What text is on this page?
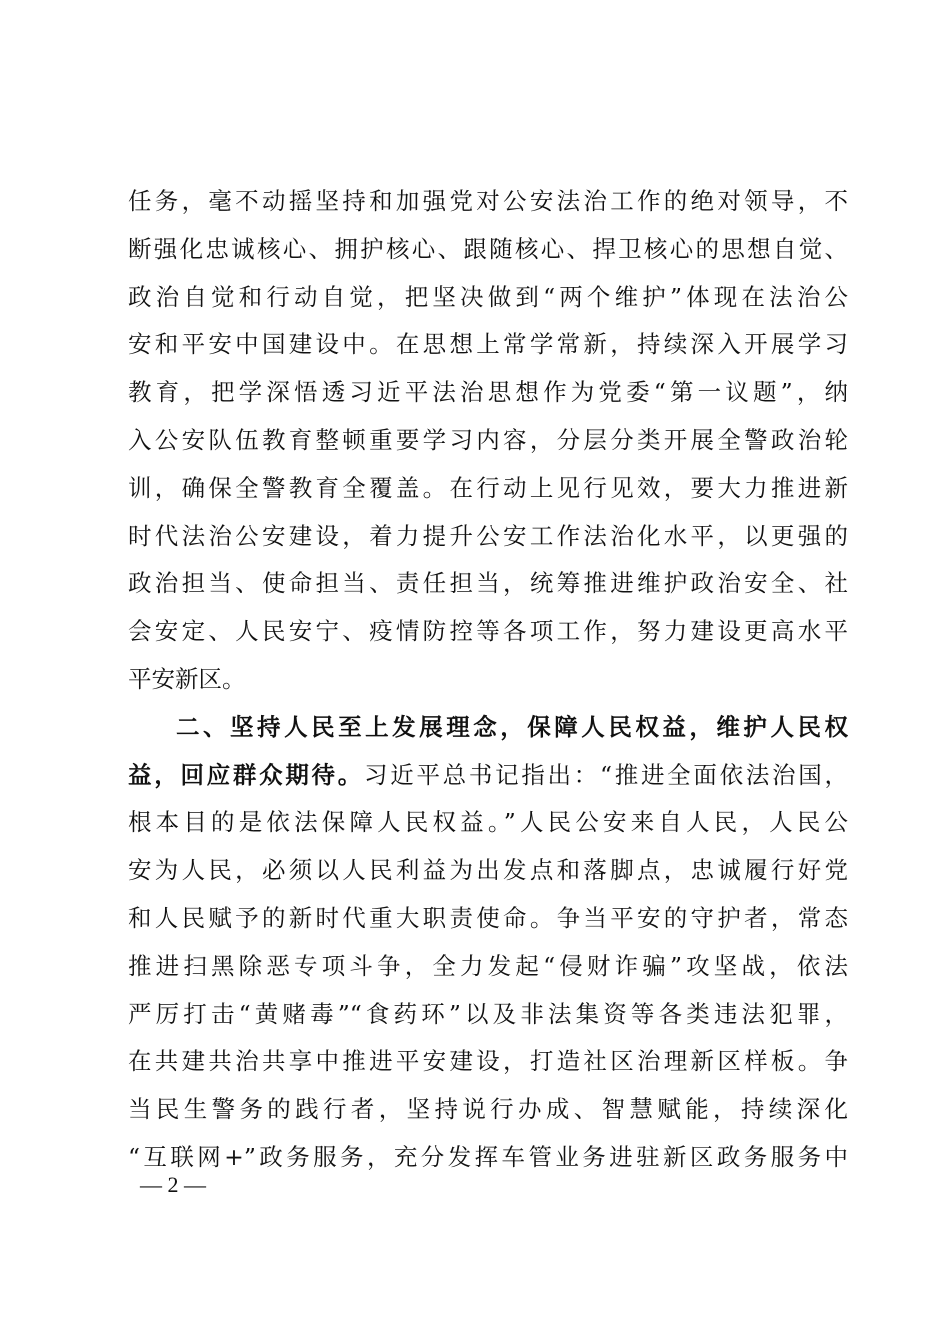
任务，毫不动摇坚持和加强党对公安法治工作的绝对领导，不
断强化忠诚核心、拥护核心、跟随核心、捍卫核心的思想自觉、
政治自觉和行动自觉，把坚决做到“两个维护”体现在法治公
安和平安中国建设中。在思想上常学常新，持续深入开展学习
教育，把学深悟透习近平法治思想作为党委“第一议题”，纳
入公安队伍教育整顿重要学习内容，分层分类开展全警政治轮
训，确保全警教育全覆盖。在行动上见行见效，要大力推进新
时代法治公安建设，着力提升公安工作法治化水平，以更强的
政治担当、使命担当、责任担当，统筹推进维护政治安全、社
会安定、人民安宁、疫情防控等各项工作，努力建设更高水平
平安新区。
二、坚持人民至上发展理念，保障人民权益，维护人民权
益，回应群众期待。习近平总书记指出：“推进全面依法治国，
根本目的是依法保障人民权益。”人民公安来自人民，人民公
安为人民，必须以人民利益为出发点和落脚点，忠诚履行好党
和人民赋予的新时代重大职责使命。争当平安的守护者，常态
推进扫黑除恶专项斗争，全力发起“侵财诈骗”攻坚战，依法
严厉打击“黄赌毒”“食药环”以及非法集资等各类违法犯罪，
在共建共治共享中推进平安建设，打造社区治理新区样板。争
当民生警务的践行者，坚持说行办成、智慧赋能，持续深化
“互联网+”政务服务，充分发挥车管业务进驻新区政务服务中
— 2 —
